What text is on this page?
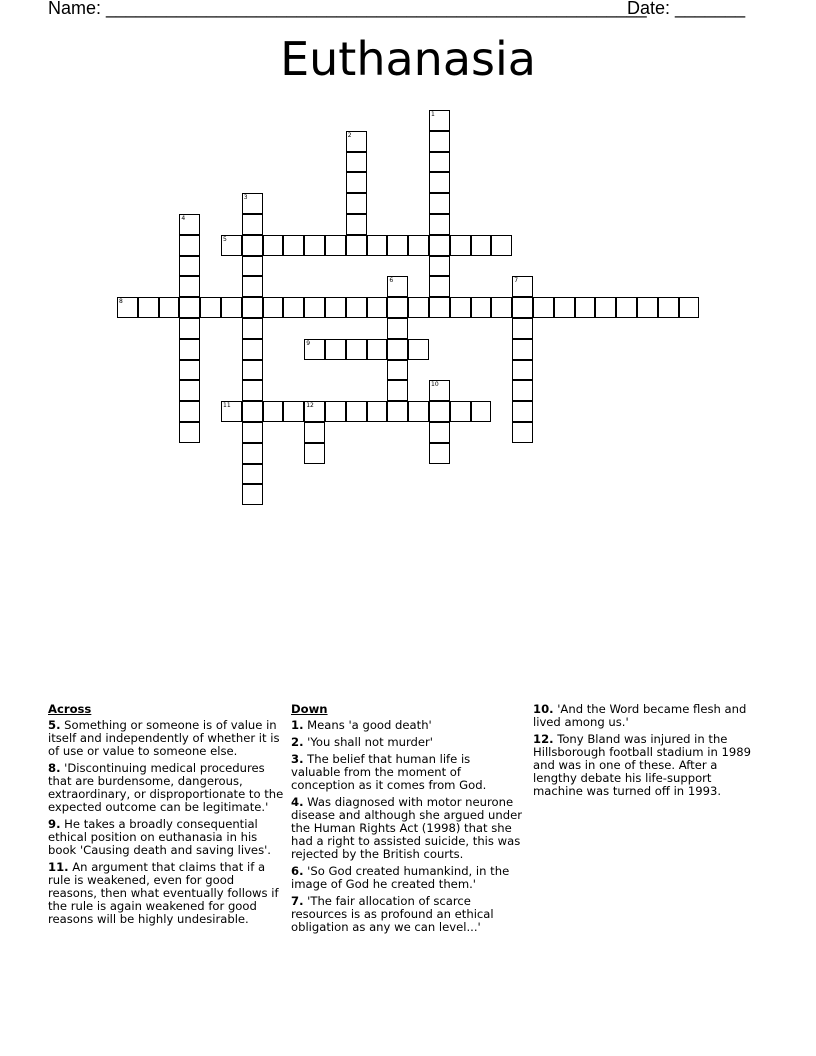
Name: ______________________________________________________
Date: _______
Euthanasia
1
2
3
4
5
6	7
8
9
10
11	12
Across
5. Something or someone is of value in itself and independently of whether it is of use or value to someone else.
8. 'Discontinuing medical procedures that are burdensome, dangerous, extraordinary, or disproportionate to the expected outcome can be legitimate.'
9. He takes a broadly consequential ethical position on euthanasia in his book 'Causing death and saving lives'.
11. An argument that claims that if a rule is weakened, even for good reasons, then what eventually follows if the rule is again weakened for good reasons will be highly undesirable.
Down
1. Means 'a good death'
2. 'You shall not murder'
3. The belief that human life is valuable from the moment of conception as it comes from God.
4. Was diagnosed with motor neurone disease and although she argued under the Human Rights Act (1998) that she had a right to assisted suicide, this was rejected by the British courts.
6. 'So God created humankind, in the image of God he created them.'
7. 'The fair allocation of scarce resources is as profound an ethical obligation as any we can level...'
10. 'And the Word became flesh and lived among us.'
12. Tony Bland was injured in the Hillsborough football stadium in 1989 and was in one of these. After a lengthy debate his life-support machine was turned off in 1993.
